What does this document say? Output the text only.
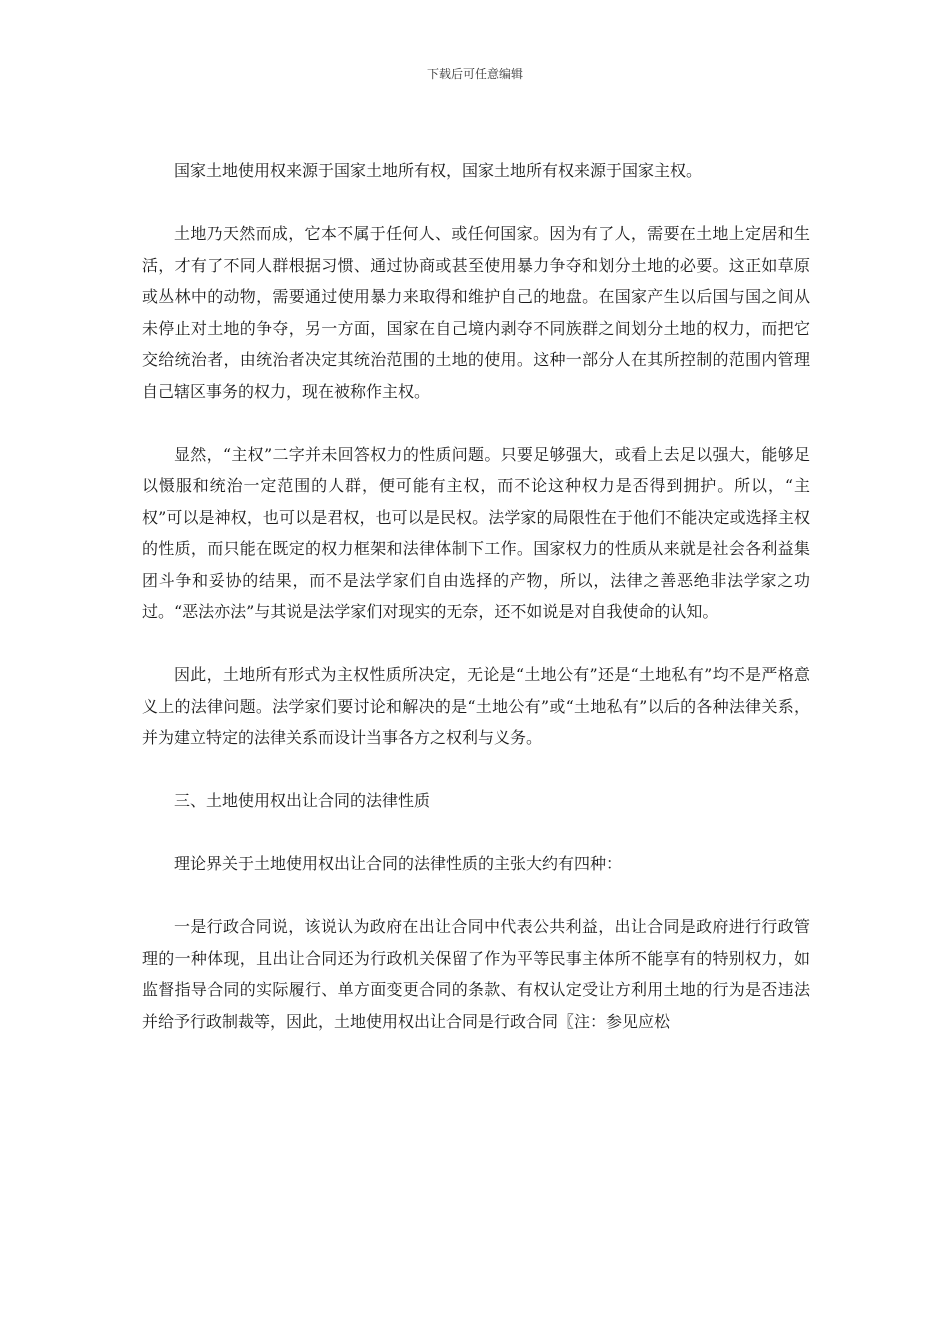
下载后可任意编辑

国家土地使用权来源于国家土地所有权，国家土地所有权来源于国家主权。

土地乃天然而成，它本不属于任何人、或任何国家。因为有了人，需要在土地上定居和生活，才有了不同人群根据习惯、通过协商或甚至使用暴力争夺和划分土地的必要。这正如草原或丛林中的动物，需要通过使用暴力来取得和维护自己的地盘。在国家产生以后国与国之间从未停止对土地的争夺，另一方面，国家在自己境内剥夺不同族群之间划分土地的权力，而把它交给统治者，由统治者决定其统治范围的土地的使用。这种一部分人在其所控制的范围内管理自己辖区事务的权力，现在被称作主权。

显然，“主权”二字并未回答权力的性质问题。只要足够强大，或看上去足以强大，能够足以慑服和统治一定范围的人群，便可能有主权，而不论这种权力是否得到拥护。所以，“主权”可以是神权，也可以是君权，也可以是民权。法学家的局限性在于他们不能决定或选择主权的性质，而只能在既定的权力框架和法律体制下工作。国家权力的性质从来就是社会各利益集团斗争和妥协的结果，而不是法学家们自由选择的产物，所以，法律之善恶绝非法学家之功过。“恶法亦法”与其说是法学家们对现实的无奈，还不如说是对自我使命的认知。

因此，土地所有形式为主权性质所决定，无论是“土地公有”还是“土地私有”均不是严格意义上的法律问题。法学家们要讨论和解决的是“土地公有”或“土地私有”以后的各种法律关系，并为建立特定的法律关系而设计当事各方之权利与义务。

三、土地使用权出让合同的法律性质

理论界关于土地使用权出让合同的法律性质的主张大约有四种：

一是行政合同说，该说认为政府在出让合同中代表公共利益，出让合同是政府进行行政管理的一种体现，且出让合同还为行政机关保留了作为平等民事主体所不能享有的特别权力，如监督指导合同的实际履行、单方面变更合同的条款、有权认定受让方利用土地的行为是否违法并给予行政制裁等，因此，土地使用权出让合同是行政合同〖注：参见应松
